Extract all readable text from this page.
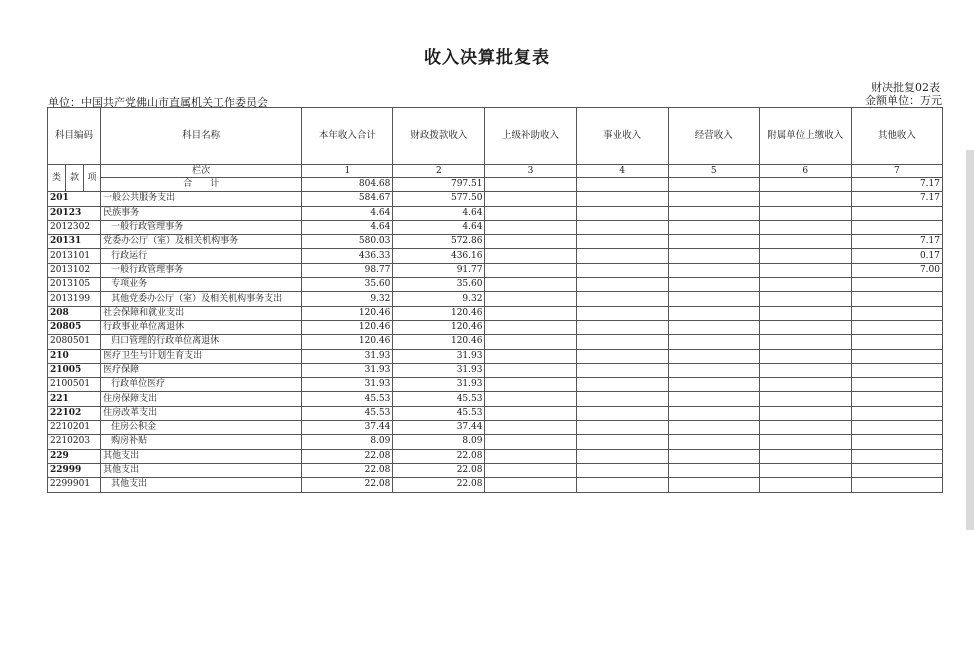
收入决算批复表
财决批复02表
单位：中国共产党佛山市直属机关工作委员会	金额单位：万元
科目编码			科目名称	本年收入合计	财政拨款收入	上级补助收入	事业收入	经营收入	附属单位上缴收入	其他收入
类	款	项	栏次	1	2	3	4	5	6	7
			合　　计	804.68	797.51					7.17
201			一般公共服务支出	584.67	577.50					7.17
20123			民族事务	4.64	4.64					
2012302			一般行政管理事务	4.64	4.64					
20131			党委办公厅（室）及相关机构事务	580.03	572.86					7.17
2013101			行政运行	436.33	436.16					0.17
2013102			一般行政管理事务	98.77	91.77					7.00
2013105			专项业务	35.60	35.60					
2013199			其他党委办公厅（室）及相关机构事务支出	9.32	9.32					
208			社会保障和就业支出	120.46	120.46					
20805			行政事业单位离退休	120.46	120.46					
2080501			归口管理的行政单位离退休	120.46	120.46					
210			医疗卫生与计划生育支出	31.93	31.93					
21005			医疗保障	31.93	31.93					
2100501			行政单位医疗	31.93	31.93					
221			住房保障支出	45.53	45.53					
22102			住房改革支出	45.53	45.53					
2210201			住房公积金	37.44	37.44					
2210203			购房补贴	8.09	8.09					
229			其他支出	22.08	22.08					
22999			其他支出	22.08	22.08					
2299901			其他支出	22.08	22.08					
